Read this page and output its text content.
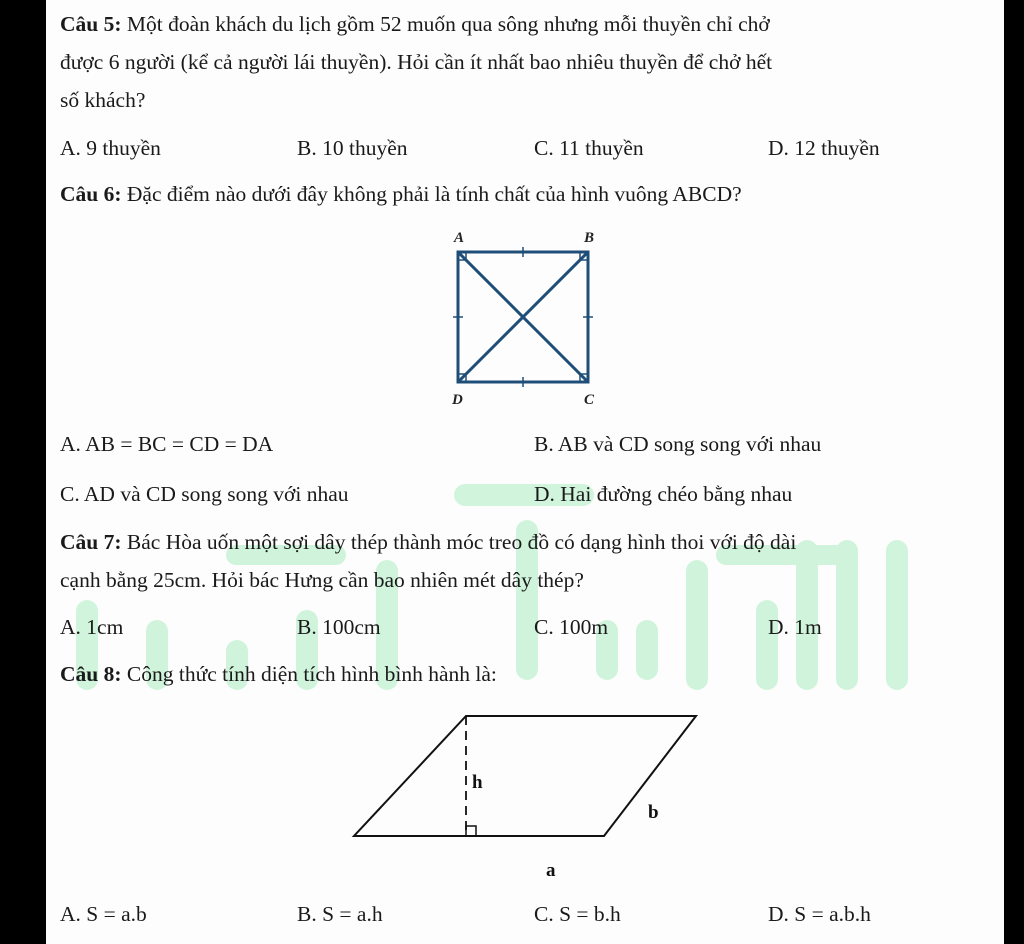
Câu 5: Một đoàn khách du lịch gồm 52 muốn qua sông nhưng mỗi thuyền chỉ chở
được 6 người (kể cả người lái thuyền). Hỏi cần ít nhất bao nhiêu thuyền để chở hết
số khách?
A. 9 thuyền	B. 10 thuyền	C. 11 thuyền	D. 12 thuyền
Câu 6: Đặc điểm nào dưới đây không phải là tính chất của hình vuông ABCD?
A	B
D	C
A. AB = BC = CD = DA	B. AB và CD song song với nhau
C. AD và CD song song với nhau	D. Hai đường chéo bằng nhau
Câu 7: Bác Hòa uốn một sợi dây thép thành móc treo đồ có dạng hình thoi với độ dài
cạnh bằng 25cm. Hỏi bác Hưng cần bao nhiên mét dây thép?
A. 1cm	B. 100cm	C. 100m	D. 1m
Câu 8: Công thức tính diện tích hình bình hành là:
h
b
a
A. S = a.b	B. S = a.h	C. S = b.h	D. S = a.b.h
